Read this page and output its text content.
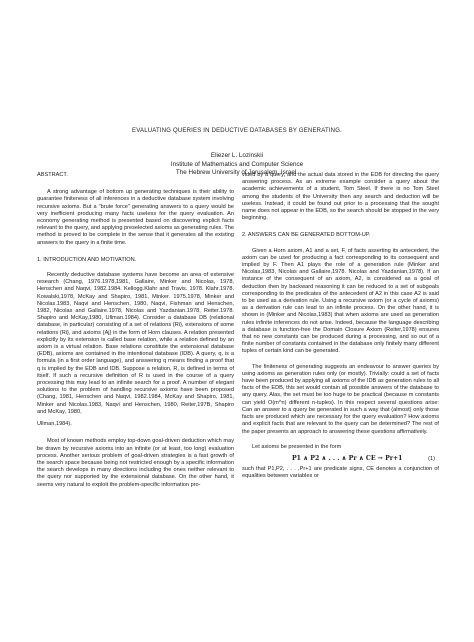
EVALUATING QUERIES IN DEDUCTIVE DATABASES BY GENERATING.
Eliezer L. Lozinskii
Institute of Mathematics and Computer Science
The Hebrew University of Jerusalem, Israel.

ABSTRACT.

A strong advantage of bottom up generating techniques is their ability to guarantee finiteness of all inferences in a deductive database system involving recursive axioms. But a "brute force" generating answers to a query would be very inefficient producing many facts useless for the query evaluation. An economy generating method is presented based on discovering explicit facts relevant to the query, and applying preselected axioms as generating rules. The method is proved to be complete in the sense that it generates all the existing answers to the query in a finite time.

1. INTRODUCTION AND MOTIVATION.

Recently deductive database systems have become an area of extensive research (Chang, 1976.1978,1981, Gallaire, Minker and Nicolas, 1978, Henschen and Naqvi, 1982.1984. Kellogg.Klahr and Travis. 1978. Klahr.1978. Kowalski,1978, McKay and Shapiro, 1981, Minker. 1975.1978, Minker and Nicolas.1983, Naqvi and Henschen, 1980, Naqvi, Fishman and Henschen, 1982, Nicolas and Gallaire.1978, Nicolas and Yazdanian.1978, Reiter.1978. Shapiro and McKay,1980, Ullman.1984). Consider a database DB (relational database, in particular) consisting of a set of relations {Ri}, extensions of some relations {Ri}, and axioms {Aj} in the form of Horn clauses. A relation presented explicitly by its extension is called base relation, while a relation defined by an axiom is a virtual relation. Base relations constitute the extensional database (EDB), axioms are contained in the intentional database (IDB). A query, q, is a formula (in a first order language), and answering q means finding a proof that q is implied by the EDB and IDB. Suppose a relation, R, is defined in terms of itself. If such a recursive definition of R is used in the course of a query processing this may lead to an infinite search for a proof. A number of elegant solutions to the problem of handling recursive axioms have been proposed (Chang, 1981, Henschen and Naqvi, 1982.1984, McKay and Shapiro, 1981, Minker and Nicolas.1983, Naqvi and Henschen, 1980, Reiter,197B, Shapiro and McKay, 1980,

Ullman,1984).

Most of known methods employ top-down goal-driven deduction which may be drawn by recursive axioms into an infinite (or at least, too long) evaluation process. Another serious problem of goal-driven strategies is a fast growth of the search space because being not restricted enough by a specific information the search develops in many directions including the ones neither relevant to the query nor supported by the extensional database. On the other hand, it seems very natural to exploit the problem-specific information pro-

vided by a query, and the actual data stored in the EDB for directing the query answering process. As an extreme example consider a query about the academic achievements of a student, Tom Steel. If there is no Tom Steel among the students of the University then any search and deduction will be useless. Instead, it could be found out prior to a processing that the sought name does not appear in the EDB, so the search should be stopped in the very beginning.

2. ANSWERS CAN BE GENERATED BOTTOM-UP.

Given a Horn axiom, A1 and a set, F, of facts asserting its antecedent, the axiom can be used for producing a fact corresponding to its consequent and implied by F. Then A1 plays the role of a generation rule (Minker and Nicolas,1983, Nicolas and Gallaire,1978. Nicolas and Yazdanian,1978). If an instance of the consequent of an axiom, A2, is considered as a goal of deduction then by backward reasoning it can be reduced to a set of subgoals corresponding to the predicates of the antecedent of A2 in this case A2 is said to be used as a derivation rule. Using a recursive axiom (or a cycle of axioms) as a derivation rule can lead to an infinite process. On the other hand, it is shown in (Minker and Nicolas,1983) that when axioms are used as generation rules infinite inferences do not arise. Indeed, because the language describing a database is function-free the Domain Closure Axiom (Reiter,1978) ensures that no new constants can be produced during a processing, and so out of a finite number of constants contained in the database only finitely many different tuples of certain kind can be generated.

The finiteness of generating suggests an endeavour to answer queries by using axioms as generation rules only (or mostly). Trivially: could a set of facts have been produced by applying all axioms of the IDB as generation rules to all facts of the EDB, this set would contain all possible answers of the database to any query. Alas, the set must be too huge to be practical (because m constants can yield O(m^n) different n-tuples). In this respect several questions arise: Can an answer to a query be generated in such a way that (almost) only those facts are produced which are necessary for the query evaluation? How axioms and explicit facts that are relevant to the query can be determined? The rest of the paper presents an approach to answering these questions affirmatively.

Let axioms be presented in the form

P1 ∧ P2 ∧ . . . ∧ Pr ∧ CE → Pr+1	(1)

such that P1,P2, . . . ,Pr+1 are predicate signs, CE denotes a conjunction of equalities between variables or
